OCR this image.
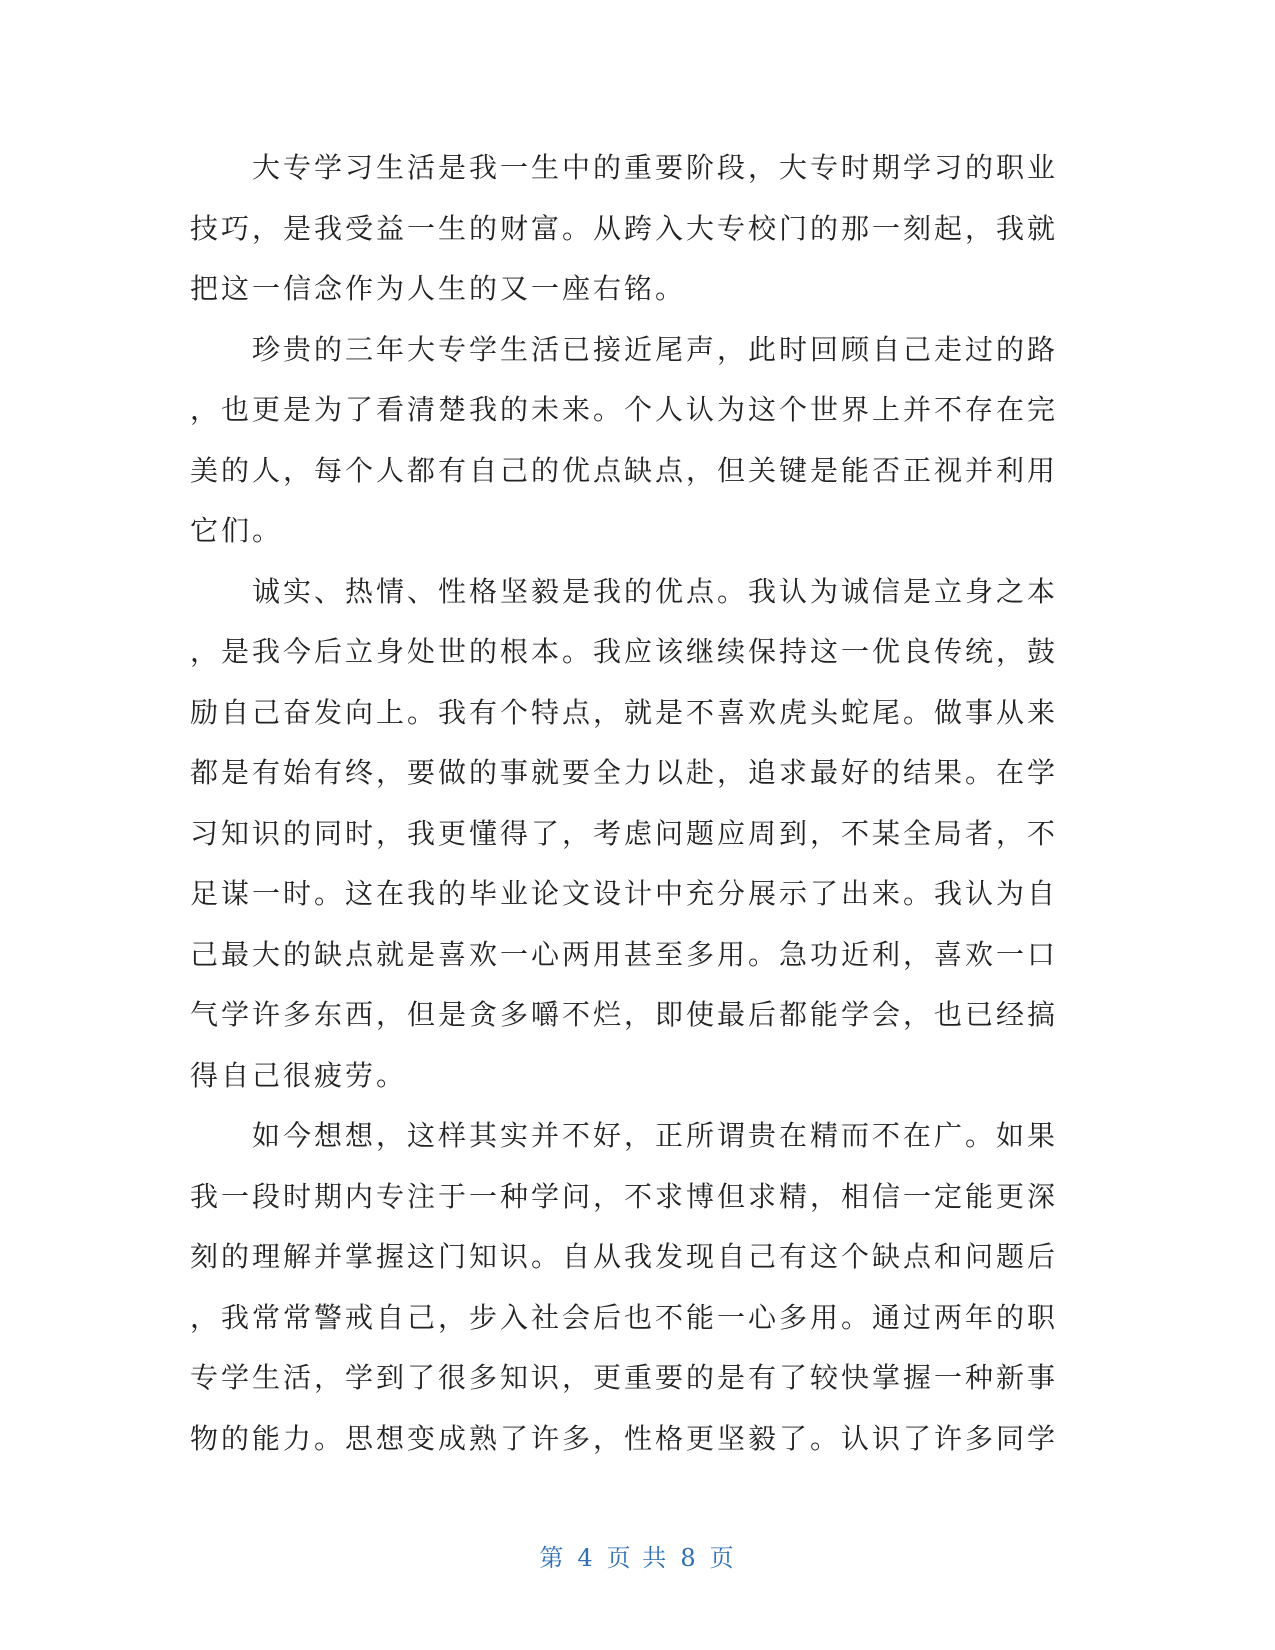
大专学习生活是我一生中的重要阶段，大专时期学习的职业
技巧，是我受益一生的财富。从跨入大专校门的那一刻起，我就
把这一信念作为人生的又一座右铭。
珍贵的三年大专学生活已接近尾声，此时回顾自己走过的路
，也更是为了看清楚我的未来。个人认为这个世界上并不存在完
美的人，每个人都有自己的优点缺点，但关键是能否正视并利用
它们。
诚实、热情、性格坚毅是我的优点。我认为诚信是立身之本
，是我今后立身处世的根本。我应该继续保持这一优良传统，鼓
励自己奋发向上。我有个特点，就是不喜欢虎头蛇尾。做事从来
都是有始有终，要做的事就要全力以赴，追求最好的结果。在学
习知识的同时，我更懂得了，考虑问题应周到，不某全局者，不
足谋一时。这在我的毕业论文设计中充分展示了出来。我认为自
己最大的缺点就是喜欢一心两用甚至多用。急功近利，喜欢一口
气学许多东西，但是贪多嚼不烂，即使最后都能学会，也已经搞
得自己很疲劳。
如今想想，这样其实并不好，正所谓贵在精而不在广。如果
我一段时期内专注于一种学问，不求博但求精，相信一定能更深
刻的理解并掌握这门知识。自从我发现自己有这个缺点和问题后
，我常常警戒自己，步入社会后也不能一心多用。通过两年的职
专学生活，学到了很多知识，更重要的是有了较快掌握一种新事
物的能力。思想变成熟了许多，性格更坚毅了。认识了许多同学
第 4 页 共 8 页
